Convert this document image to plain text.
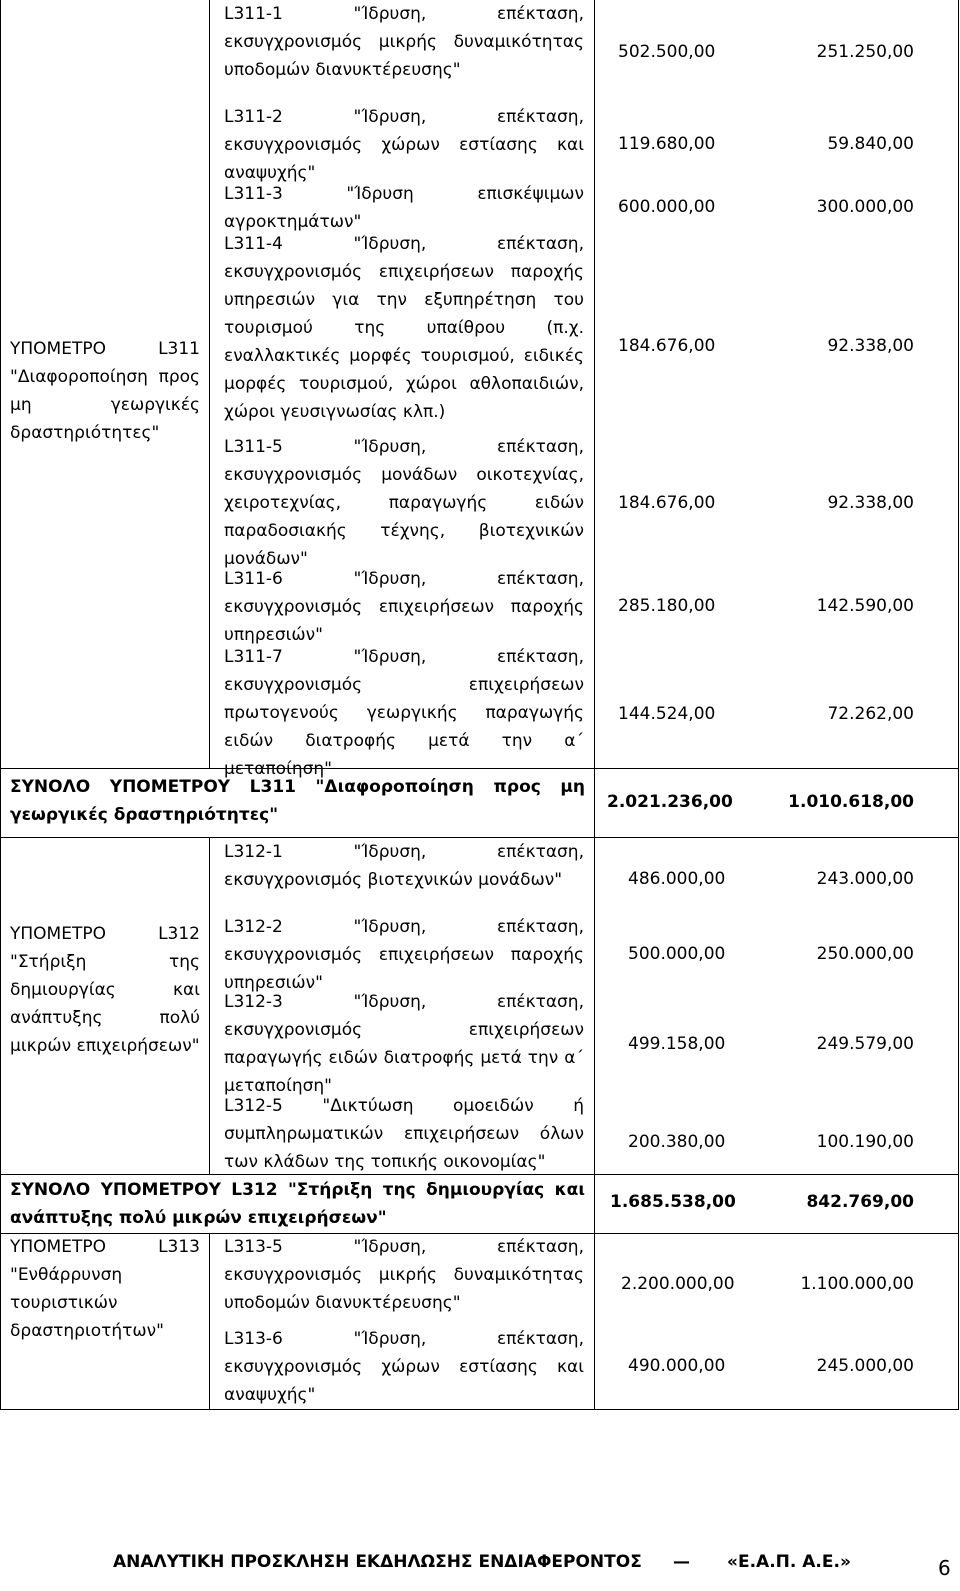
ΥΠΟΜΕΤΡΟ L311 "Διαφοροποίηση προς μη γεωργικές δραστηριότητες"
L311-1 "Ίδρυση, επέκταση, εκσυγχρονισμός μικρής δυναμικότητας υποδομών διανυκτέρευσης"
502.500,00	251.250,00
L311-2 "Ίδρυση, επέκταση, εκσυγχρονισμός χώρων εστίασης και αναψυχής"
119.680,00	59.840,00
L311-3 "Ίδρυση επισκέψιμων αγροκτημάτων"
600.000,00	300.000,00
L311-4 "Ίδρυση, επέκταση, εκσυγχρονισμός επιχειρήσεων παροχής υπηρεσιών για την εξυπηρέτηση του τουρισμού της υπαίθρου (π.χ. εναλλακτικές μορφές τουρισμού, ειδικές μορφές τουρισμού, χώροι αθλοπαιδιών, χώροι γευσιγνωσίας κλπ.)
184.676,00	92.338,00
L311-5 "Ίδρυση, επέκταση, εκσυγχρονισμός μονάδων οικοτεχνίας, χειροτεχνίας, παραγωγής ειδών παραδοσιακής τέχνης, βιοτεχνικών μονάδων"
184.676,00	92.338,00
L311-6 "Ίδρυση, επέκταση, εκσυγχρονισμός επιχειρήσεων παροχής υπηρεσιών"
285.180,00	142.590,00
L311-7 "Ίδρυση, επέκταση, εκσυγχρονισμός επιχειρήσεων πρωτογενούς γεωργικής παραγωγής ειδών διατροφής μετά την α΄ μεταποίηση"
144.524,00	72.262,00
ΣΥΝΟΛΟ ΥΠΟΜΕΤΡΟΥ L311 "Διαφοροποίηση προς μη γεωργικές δραστηριότητες"
2.021.236,00	1.010.618,00
ΥΠΟΜΕΤΡΟ L312 "Στήριξη της δημιουργίας και ανάπτυξης πολύ μικρών επιχειρήσεων"
L312-1 "Ίδρυση, επέκταση, εκσυγχρονισμός βιοτεχνικών μονάδων"	486.000,00	243.000,00
L312-2 "Ίδρυση, επέκταση, εκσυγχρονισμός επιχειρήσεων παροχής υπηρεσιών"
500.000,00	250.000,00
L312-3 "Ίδρυση, επέκταση, εκσυγχρονισμός επιχειρήσεων παραγωγής ειδών διατροφής μετά την α΄ μεταποίηση"
499.158,00	249.579,00
L312-5 "Δικτύωση ομοειδών ή συμπληρωματικών επιχειρήσεων όλων των κλάδων της τοπικής οικονομίας"
200.380,00	100.190,00
ΣΥΝΟΛΟ ΥΠΟΜΕΤΡΟΥ L312 "Στήριξη της δημιουργίας και ανάπτυξης πολύ μικρών επιχειρήσεων"
1.685.538,00	842.769,00
ΥΠΟΜΕΤΡΟ L313 "Ενθάρρυνση τουριστικών δραστηριοτήτων"
L313-5 "Ίδρυση, επέκταση, εκσυγχρονισμός μικρής δυναμικότητας υποδομών διανυκτέρευσης"
2.200.000,00	1.100.000,00
L313-6 "Ίδρυση, επέκταση, εκσυγχρονισμός χώρων εστίασης και αναψυχής"
490.000,00	245.000,00
ΑΝΑΛΥΤΙΚΗ ΠΡΟΣΚΛΗΣΗ ΕΚΔΗΛΩΣΗΣ ΕΝΔΙΑΦΕΡΟΝΤΟΣ — «Ε.Α.Π. Α.Ε.»	6
